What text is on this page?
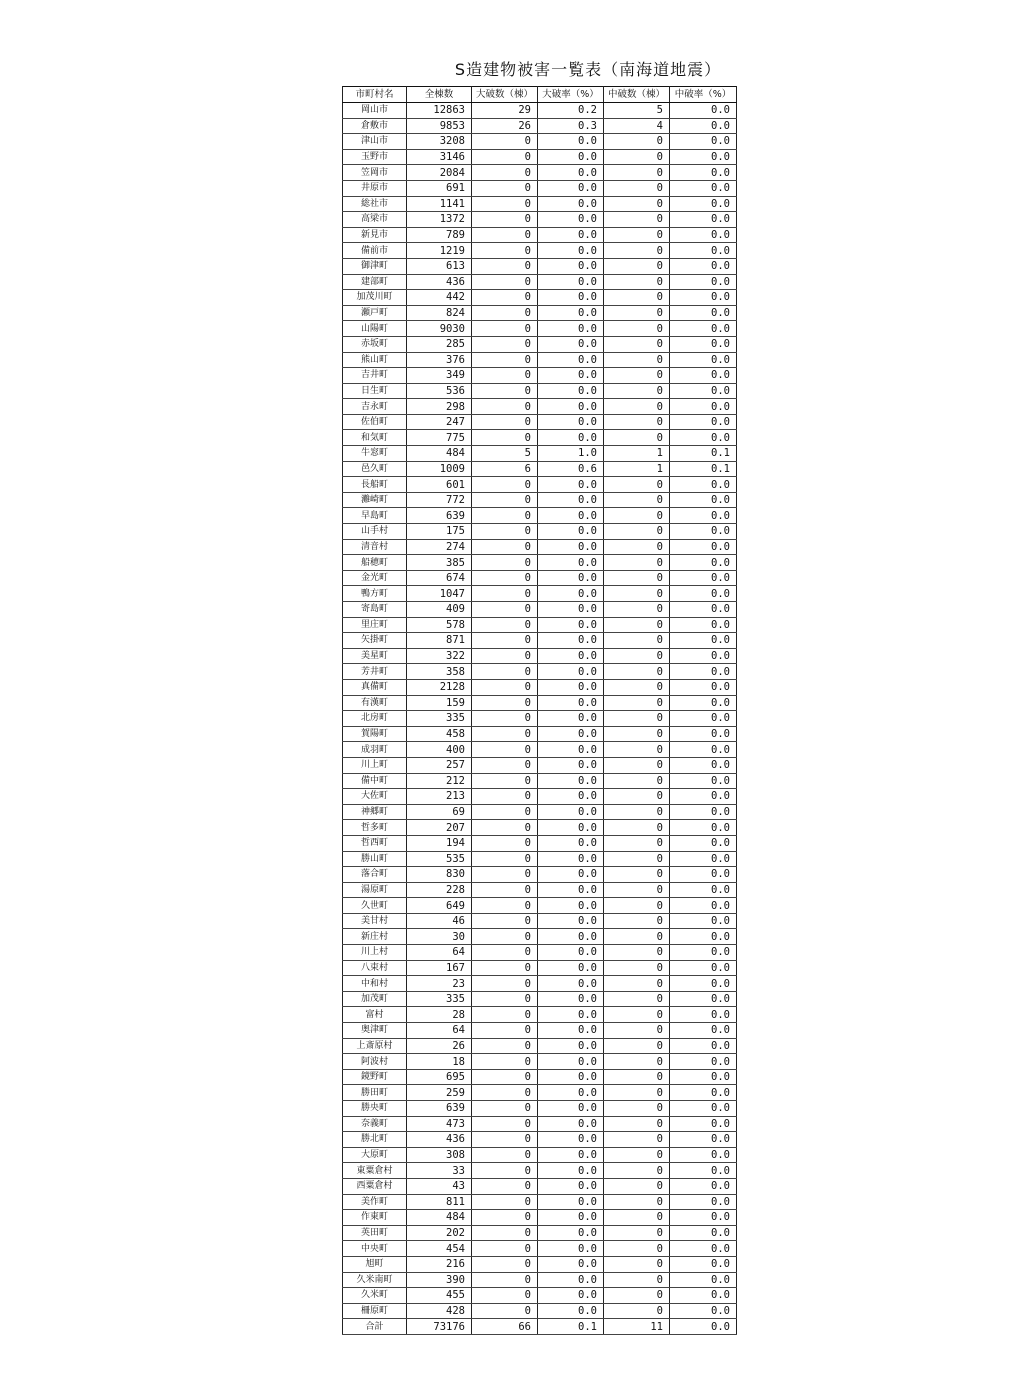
S造建物被害一覧表（南海道地震）
市町村名	全棟数	大破数（棟）	大破率（%）	中破数（棟）	中破率（%）
岡山市	12863	29	0.2	5	0.0
倉敷市	9853	26	0.3	4	0.0
津山市	3208	0	0.0	0	0.0
玉野市	3146	0	0.0	0	0.0
笠岡市	2084	0	0.0	0	0.0
井原市	691	0	0.0	0	0.0
総社市	1141	0	0.0	0	0.0
高梁市	1372	0	0.0	0	0.0
新見市	789	0	0.0	0	0.0
備前市	1219	0	0.0	0	0.0
御津町	613	0	0.0	0	0.0
建部町	436	0	0.0	0	0.0
加茂川町	442	0	0.0	0	0.0
瀬戸町	824	0	0.0	0	0.0
山陽町	9030	0	0.0	0	0.0
赤坂町	285	0	0.0	0	0.0
熊山町	376	0	0.0	0	0.0
吉井町	349	0	0.0	0	0.0
日生町	536	0	0.0	0	0.0
吉永町	298	0	0.0	0	0.0
佐伯町	247	0	0.0	0	0.0
和気町	775	0	0.0	0	0.0
牛窓町	484	5	1.0	1	0.1
邑久町	1009	6	0.6	1	0.1
長船町	601	0	0.0	0	0.0
灘崎町	772	0	0.0	0	0.0
早島町	639	0	0.0	0	0.0
山手村	175	0	0.0	0	0.0
清音村	274	0	0.0	0	0.0
船穂町	385	0	0.0	0	0.0
金光町	674	0	0.0	0	0.0
鴨方町	1047	0	0.0	0	0.0
寄島町	409	0	0.0	0	0.0
里庄町	578	0	0.0	0	0.0
矢掛町	871	0	0.0	0	0.0
美星町	322	0	0.0	0	0.0
芳井町	358	0	0.0	0	0.0
真備町	2128	0	0.0	0	0.0
有漢町	159	0	0.0	0	0.0
北房町	335	0	0.0	0	0.0
賀陽町	458	0	0.0	0	0.0
成羽町	400	0	0.0	0	0.0
川上町	257	0	0.0	0	0.0
備中町	212	0	0.0	0	0.0
大佐町	213	0	0.0	0	0.0
神郷町	69	0	0.0	0	0.0
哲多町	207	0	0.0	0	0.0
哲西町	194	0	0.0	0	0.0
勝山町	535	0	0.0	0	0.0
落合町	830	0	0.0	0	0.0
湯原町	228	0	0.0	0	0.0
久世町	649	0	0.0	0	0.0
美甘村	46	0	0.0	0	0.0
新庄村	30	0	0.0	0	0.0
川上村	64	0	0.0	0	0.0
八束村	167	0	0.0	0	0.0
中和村	23	0	0.0	0	0.0
加茂町	335	0	0.0	0	0.0
富村	28	0	0.0	0	0.0
奥津町	64	0	0.0	0	0.0
上斎原村	26	0	0.0	0	0.0
阿波村	18	0	0.0	0	0.0
鏡野町	695	0	0.0	0	0.0
勝田町	259	0	0.0	0	0.0
勝央町	639	0	0.0	0	0.0
奈義町	473	0	0.0	0	0.0
勝北町	436	0	0.0	0	0.0
大原町	308	0	0.0	0	0.0
東粟倉村	33	0	0.0	0	0.0
西粟倉村	43	0	0.0	0	0.0
美作町	811	0	0.0	0	0.0
作東町	484	0	0.0	0	0.0
英田町	202	0	0.0	0	0.0
中央町	454	0	0.0	0	0.0
旭町	216	0	0.0	0	0.0
久米南町	390	0	0.0	0	0.0
久米町	455	0	0.0	0	0.0
柵原町	428	0	0.0	0	0.0
合計	73176	66	0.1	11	0.0
